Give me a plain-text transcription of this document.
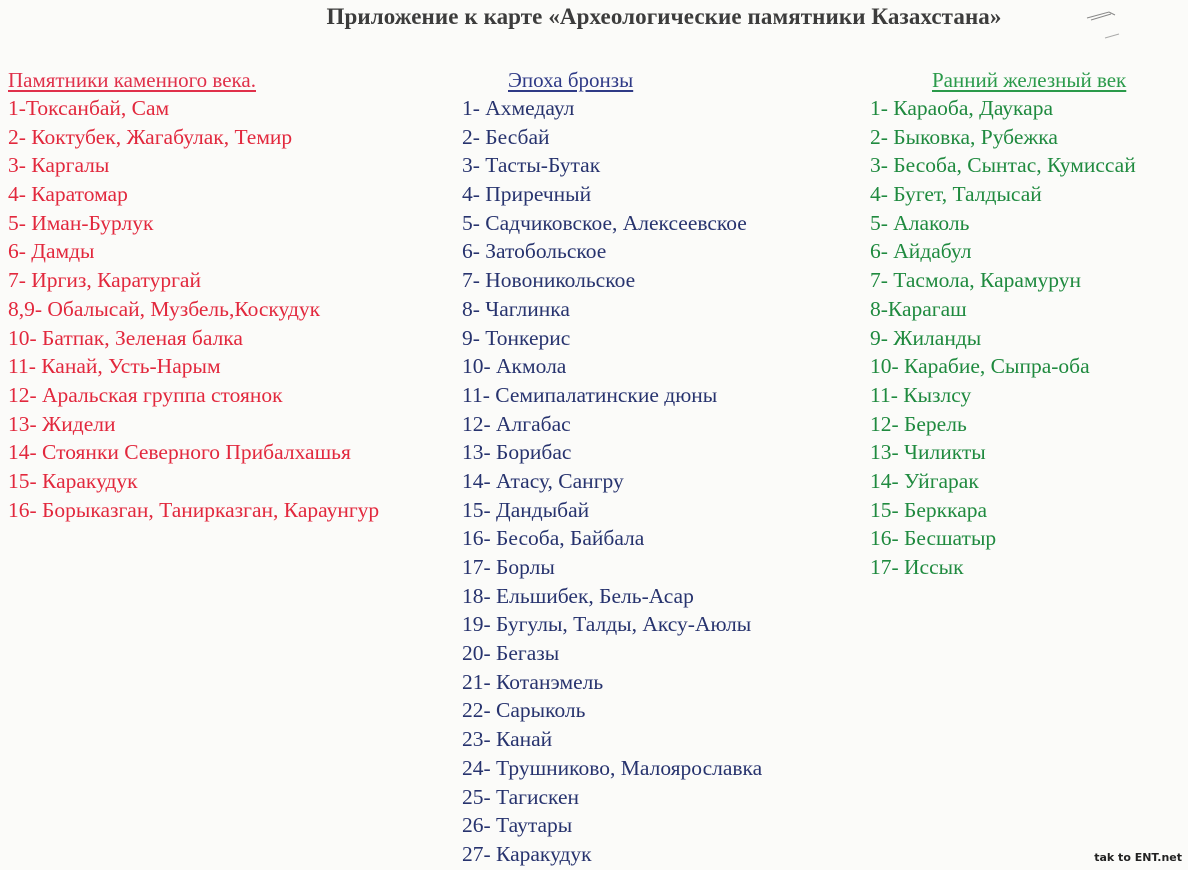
Приложение к карте «Археологические памятники Казахстана»
Памятники каменного века.
1-Токсанбай, Сам
2- Коктубек, Жагабулак, Темир
3- Каргалы
4- Каратомар
5- Иман-Бурлук
6- Дамды
7- Иргиз, Каратургай
8,9- Обалысай, Музбель,Коскудук
10- Батпак, Зеленая балка
11- Канай, Усть-Нарым
12- Аральская группа стоянок
13- Жидели
14- Стоянки Северного Прибалхашья
15- Каракудук
16- Борыказган, Танирказган, Караунгур
Эпоха бронзы
1- Ахмедаул
2- Бесбай
3- Тасты-Бутак
4- Приречный
5- Садчиковское, Алексеевское
6- Затобольское
7- Новоникольское
8- Чаглинка
9- Тонкерис
10- Акмола
11- Семипалатинские дюны
12- Алгабас
13- Борибас
14- Атасу, Сангру
15- Дандыбай
16- Бесоба, Байбала
17- Борлы
18- Ельшибек, Бель-Асар
19- Бугулы, Талды, Аксу-Аюлы
20- Бегазы
21- Котанэмель
22- Сарыколь
23- Канай
24- Трушниково, Малоярославка
25- Тагискен
26- Таутары
27- Каракудук
Ранний железный век
1- Караоба, Даукара
2- Быковка, Рубежка
3- Бесоба, Сынтас, Кумиссай
4- Бугет, Талдысай
5- Алаколь
6- Айдабул
7- Тасмола, Карамурун
8-Карагаш
9- Жиланды
10- Карабие, Сыпра-оба
11- Кызлсу
12- Берель
13- Чиликты
14- Уйгарак
15- Берккара
16- Бесшатыр
17- Иссык
tak to ENT.net
